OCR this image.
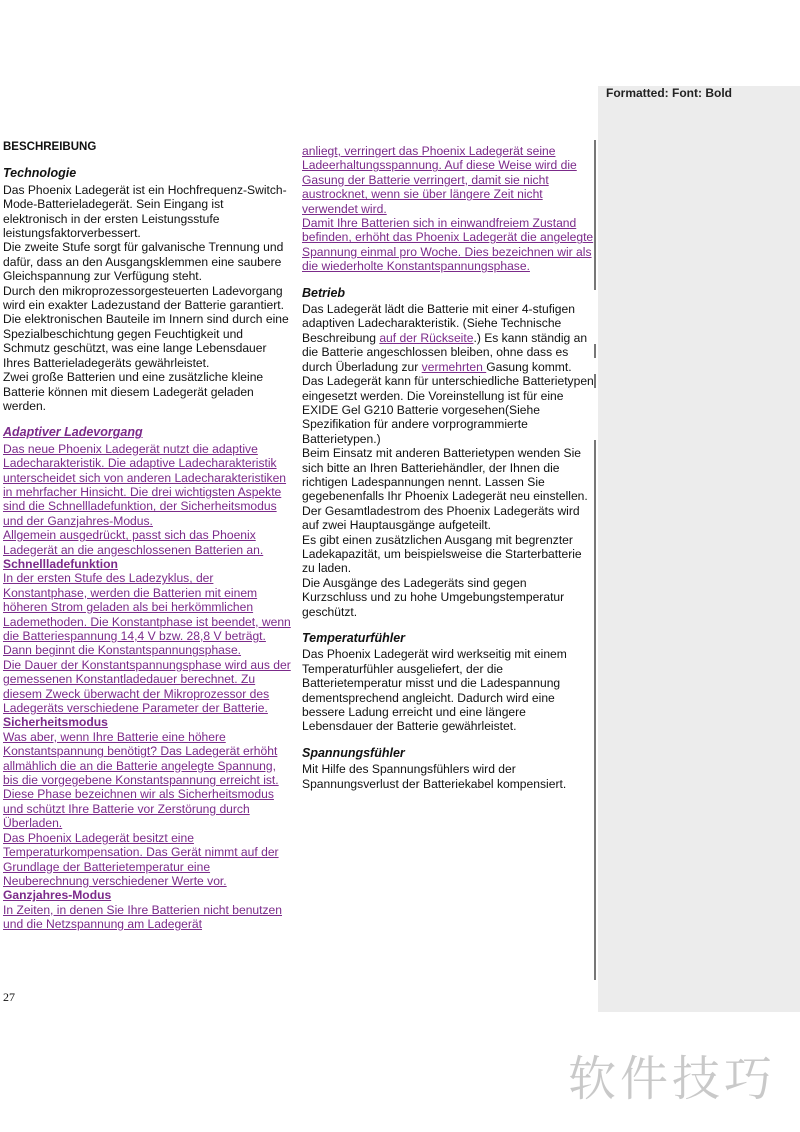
Formatted: Font: Bold
BESCHREIBUNG
Technologie

Das Phoenix Ladegerät ist ein Hochfrequenz-Switch-Mode-Batterieladegerät. Sein Eingang ist elektronisch in der ersten Leistungsstufe leistungsfaktorverbessert.

Die zweite Stufe sorgt für galvanische Trennung und dafür, dass an den Ausgangsklemmen eine saubere Gleichspannung zur Verfügung steht.

Durch den mikroprozessorgesteuerten Ladevorgang wird ein exakter Ladezustand der Batterie garantiert.

Die elektronischen Bauteile im Innern sind durch eine Spezialbeschichtung gegen Feuchtigkeit und Schmutz geschützt, was eine lange Lebensdauer Ihres Batterieladegeräts gewährleistet.

Zwei große Batterien und eine zusätzliche kleine Batterie können mit diesem Ladegerät geladen werden.

Adaptiver Ladevorgang

Das neue Phoenix Ladegerät nutzt die adaptive Ladecharakteristik. Die adaptive Ladecharakteristik unterscheidet sich von anderen Ladecharakteristiken in mehrfacher Hinsicht. Die drei wichtigsten Aspekte sind die Schnellladefunktion, der Sicherheitsmodus und der Ganzjahres-Modus.

Allgemein ausgedrückt, passt sich das Phoenix Ladegerät an die angeschlossenen Batterien an.

Schnellladefunktion

In der ersten Stufe des Ladezyklus, der Konstantphase, werden die Batterien mit einem höheren Strom geladen als bei herkömmlichen Lademethoden. Die Konstantphase ist beendet, wenn die Batteriespannung 14,4 V bzw. 28,8 V beträgt. Dann beginnt die Konstantspannungsphase.

Die Dauer der Konstantspannungsphase wird aus der gemessenen Konstantladedauer berechnet. Zu diesem Zweck überwacht der Mikroprozessor des Ladegeräts verschiedene Parameter der Batterie.

Sicherheitsmodus

Was aber, wenn Ihre Batterie eine höhere Konstantspannung benötigt? Das Ladegerät erhöht allmählich die an die Batterie angelegte Spannung, bis die vorgegebene Konstantspannung erreicht ist. Diese Phase bezeichnen wir als Sicherheitsmodus und schützt Ihre Batterie vor Zerstörung durch Überladen.

Das Phoenix Ladegerät besitzt eine Temperaturkompensation. Das Gerät nimmt auf der Grundlage der Batterietemperatur eine Neuberechnung verschiedener Werte vor.

Ganzjahres-Modus

In Zeiten, in denen Sie Ihre Batterien nicht benutzen und die Netzspannung am Ladegerät

anliegt, verringert das Phoenix Ladegerät seine Ladeerhaltungsspannung. Auf diese Weise wird die Gasung der Batterie verringert, damit sie nicht austrocknet, wenn sie über längere Zeit nicht verwendet wird.

Damit Ihre Batterien sich in einwandfreiem Zustand befinden, erhöht das Phoenix Ladegerät die angelegte Spannung einmal pro Woche. Dies bezeichnen wir als die wiederholte Konstantspannungsphase.

Betrieb

Das Ladegerät lädt die Batterie mit einer 4-stufigen adaptiven Ladecharakteristik. (Siehe Technische Beschreibung auf der Rückseite.) Es kann ständig an die Batterie angeschlossen bleiben, ohne dass es durch Überladung zur vermehrten Gasung kommt.

Das Ladegerät kann für unterschiedliche Batterietypen eingesetzt werden. Die Voreinstellung ist für eine EXIDE Gel G210 Batterie vorgesehen(Siehe Spezifikation für andere vorprogrammierte Batterietypen.)

Beim Einsatz mit anderen Batterietypen wenden Sie sich bitte an Ihren Batteriehändler, der Ihnen die richtigen Ladespannungen nennt. Lassen Sie gegebenenfalls Ihr Phoenix Ladegerät neu einstellen.

Der Gesamtladestrom des Phoenix Ladegeräts wird auf zwei Hauptausgänge aufgeteilt.

Es gibt einen zusätzlichen Ausgang mit begrenzter Ladekapazität, um beispielsweise die Starterbatterie zu laden.

Die Ausgänge des Ladegeräts sind gegen Kurzschluss und zu hohe Umgebungstemperatur geschützt.

Temperaturfühler

Das Phoenix Ladegerät wird werkseitig mit einem Temperaturfühler ausgeliefert, der die Batterietemperatur misst und die Ladespannung dementsprechend angleicht. Dadurch wird eine bessere Ladung erreicht und eine längere Lebensdauer der Batterie gewährleistet.

Spannungsfühler

Mit Hilfe des Spannungsfühlers wird der Spannungsverlust der Batteriekabel kompensiert.

27
软件技巧
